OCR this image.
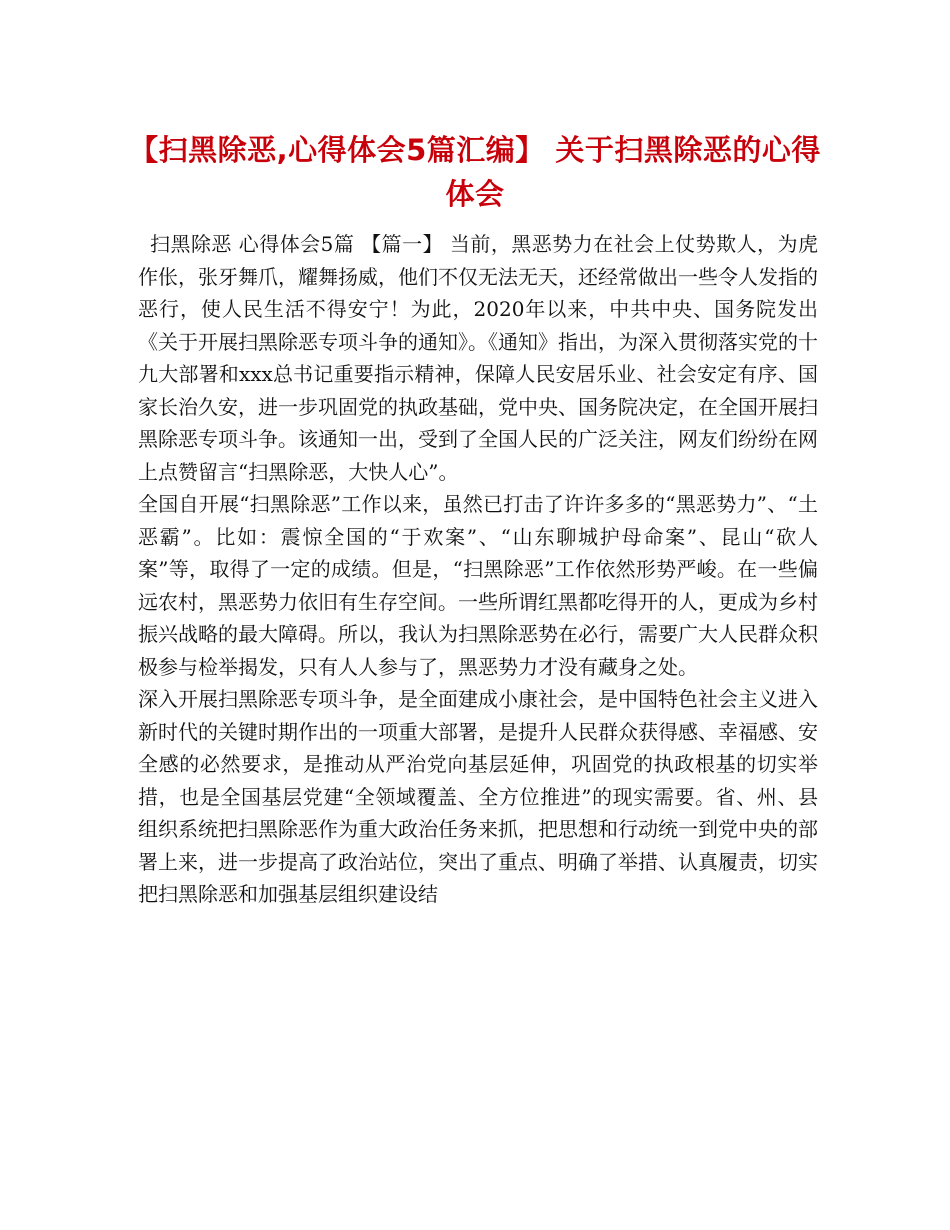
【扫黑除恶,心得体会5篇汇编】 关于扫黑除恶的心得体会

扫黑除恶 心得体会5篇 【篇一】 当前，黑恶势力在社会上仗势欺人，为虎作伥，张牙舞爪，耀舞扬威，他们不仅无法无天，还经常做出一些令人发指的恶行，使人民生活不得安宁！为此，2020年以来，中共中央、国务院发出《关于开展扫黑除恶专项斗争的通知》。《通知》指出，为深入贯彻落实党的十九大部署和xxx总书记重要指示精神，保障人民安居乐业、社会安定有序、国家长治久安，进一步巩固党的执政基础，党中央、国务院决定，在全国开展扫黑除恶专项斗争。该通知一出，受到了全国人民的广泛关注，网友们纷纷在网上点赞留言“扫黑除恶，大快人心”。

全国自开展“扫黑除恶”工作以来，虽然已打击了许许多多的“黑恶势力”、“土恶霸”。比如：震惊全国的“于欢案”、“山东聊城护母命案”、昆山“砍人案”等，取得了一定的成绩。但是，“扫黑除恶”工作依然形势严峻。在一些偏远农村，黑恶势力依旧有生存空间。一些所谓红黑都吃得开的人，更成为乡村振兴战略的最大障碍。所以，我认为扫黑除恶势在必行，需要广大人民群众积极参与检举揭发，只有人人参与了，黑恶势力才没有藏身之处。

深入开展扫黑除恶专项斗争，是全面建成小康社会，是中国特色社会主义进入新时代的关键时期作出的一项重大部署，是提升人民群众获得感、幸福感、安全感的必然要求，是推动从严治党向基层延伸，巩固党的执政根基的切实举措，也是全国基层党建“全领域覆盖、全方位推进”的现实需要。省、州、县组织系统把扫黑除恶作为重大政治任务来抓，把思想和行动统一到党中央的部署上来，进一步提高了政治站位，突出了重点、明确了举措、认真履责，切实把扫黑除恶和加强基层组织建设结
